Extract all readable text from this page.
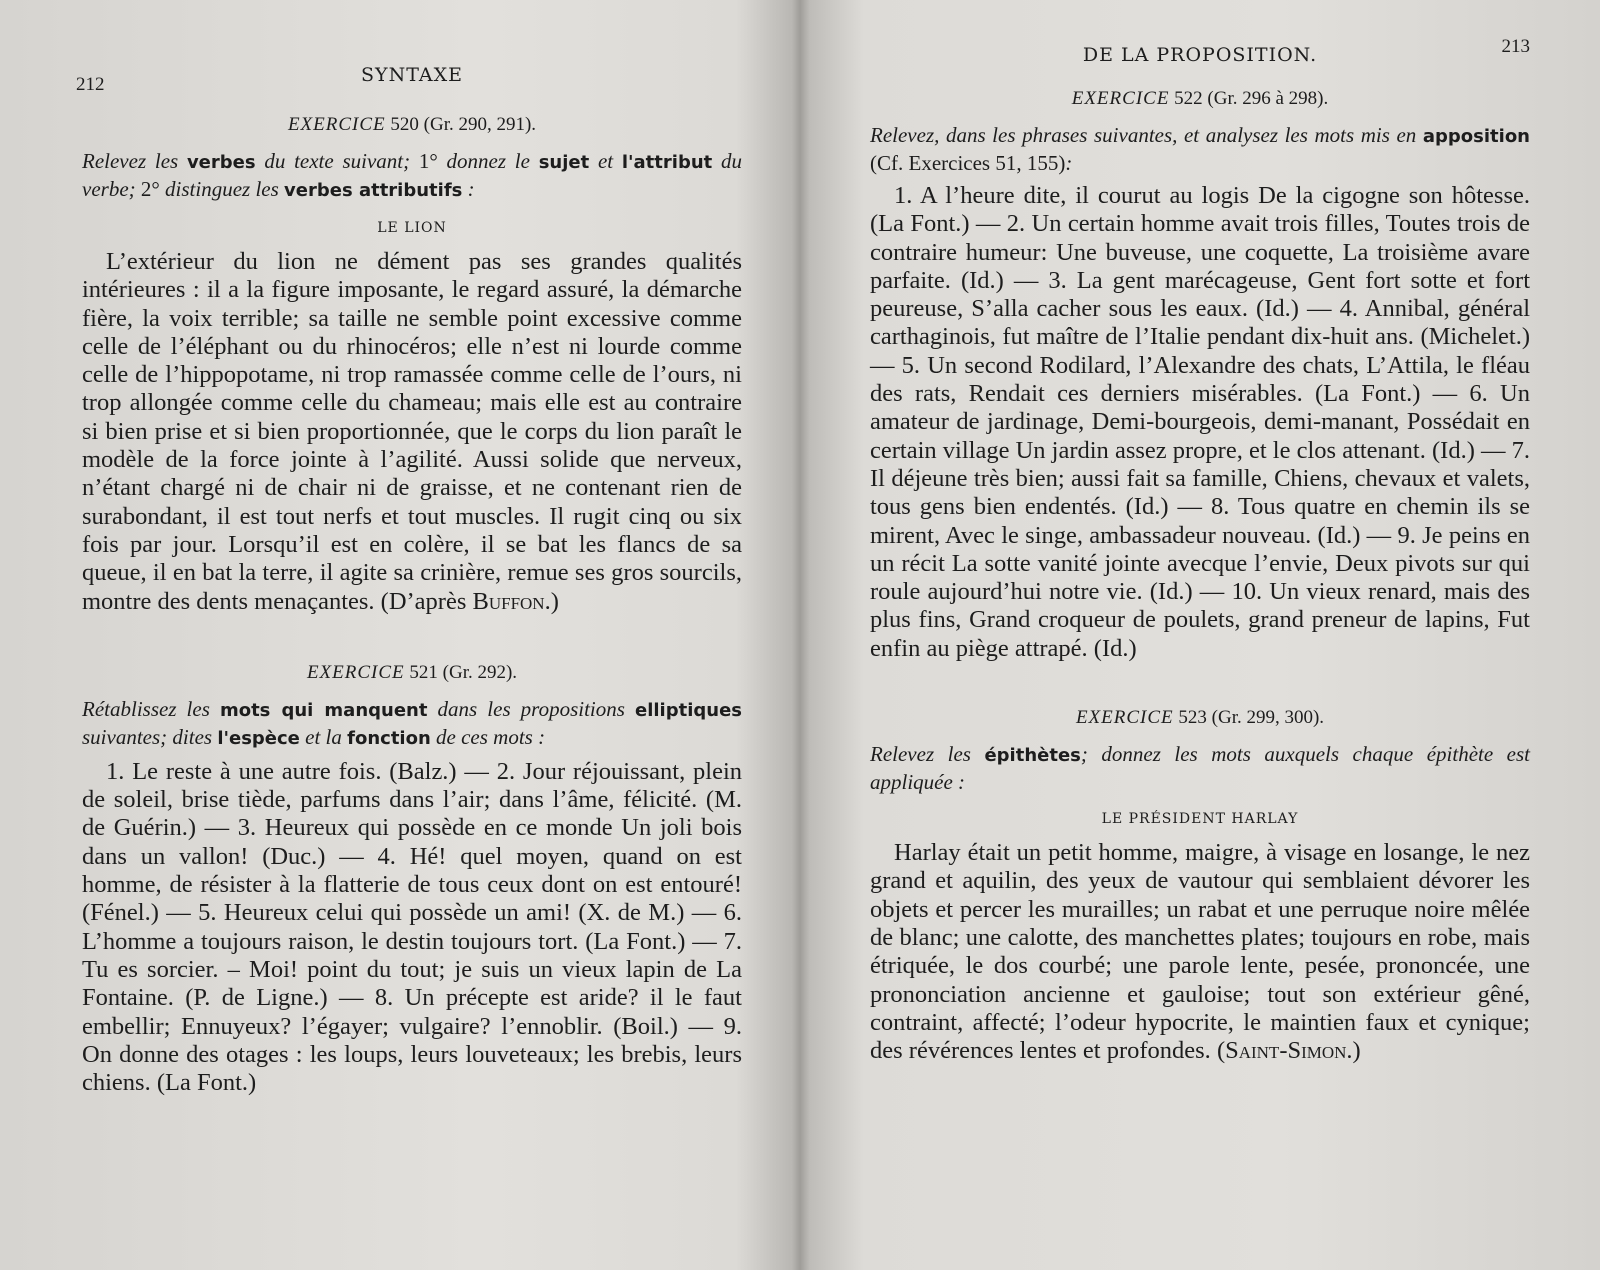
212	SYNTAXE
EXERCICE 520 (Gr. 290, 291).

Relevez les verbes du texte suivant; 1° donnez le sujet et l'attribut du verbe; 2° distinguez les verbes attributifs :

LE LION

L’extérieur du lion ne dément pas ses grandes qualités intérieures : il a la figure imposante, le regard assuré, la démarche fière, la voix terrible; sa taille ne semble point excessive comme celle de l’éléphant ou du rhinocéros; elle n’est ni lourde comme celle de l’hippopotame, ni trop ramassée comme celle de l’ours, ni trop allongée comme celle du chameau; mais elle est au contraire si bien prise et si bien proportionnée, que le corps du lion paraît le modèle de la force jointe à l’agilité. Aussi solide que nerveux, n’étant chargé ni de chair ni de graisse, et ne contenant rien de surabondant, il est tout nerfs et tout muscles. Il rugit cinq ou six fois par jour. Lorsqu’il est en colère, il se bat les flancs de sa queue, il en bat la terre, il agite sa crinière, remue ses gros sourcils, montre des dents menaçantes. (D’après Buffon.)

EXERCICE 521 (Gr. 292).

Rétablissez les mots qui manquent dans les propositions elliptiques suivantes; dites l'espèce et la fonction de ces mots :

1. Le reste à une autre fois. (Balz.) — 2. Jour réjouissant, plein de soleil, brise tiède, parfums dans l’air; dans l’âme, félicité. (M. de Guérin.) — 3. Heureux qui possède en ce monde Un joli bois dans un vallon! (Duc.) — 4. Hé! quel moyen, quand on est homme, de résister à la flatterie de tous ceux dont on est entouré! (Fénel.) — 5. Heureux celui qui possède un ami! (X. de M.) — 6. L’homme a toujours raison, le destin toujours tort. (La Font.) — 7. Tu es sorcier. – Moi! point du tout; je suis un vieux lapin de La Fontaine. (P. de Ligne.) — 8. Un précepte est aride? il le faut embellir; Ennuyeux? l’égayer; vulgaire? l’ennoblir. (Boil.) — 9. On donne des otages : les loups, leurs louveteaux; les brebis, leurs chiens. (La Font.)

213
DE LA PROPOSITION.
EXERCICE 522 (Gr. 296 à 298).

Relevez, dans les phrases suivantes, et analysez les mots mis en apposition (Cf. Exercices 51, 155):

1. A l’heure dite, il courut au logis De la cigogne son hôtesse. (La Font.) — 2. Un certain homme avait trois filles, Toutes trois de contraire humeur: Une buveuse, une coquette, La troisième avare parfaite. (Id.) — 3. La gent marécageuse, Gent fort sotte et fort peureuse, S’alla cacher sous les eaux. (Id.) — 4. Annibal, général carthaginois, fut maître de l’Italie pendant dix-huit ans. (Michelet.) — 5. Un second Rodilard, l’Alexandre des chats, L’Attila, le fléau des rats, Rendait ces derniers misérables. (La Font.) — 6. Un amateur de jardinage, Demi-bourgeois, demi-manant, Possédait en certain village Un jardin assez propre, et le clos attenant. (Id.) — 7. Il déjeune très bien; aussi fait sa famille, Chiens, chevaux et valets, tous gens bien endentés. (Id.) — 8. Tous quatre en chemin ils se mirent, Avec le singe, ambassadeur nouveau. (Id.) — 9. Je peins en un récit La sotte vanité jointe avecque l’envie, Deux pivots sur qui roule aujourd’hui notre vie. (Id.) — 10. Un vieux renard, mais des plus fins, Grand croqueur de poulets, grand preneur de lapins, Fut enfin au piège attrapé. (Id.)

EXERCICE 523 (Gr. 299, 300).

Relevez les épithètes; donnez les mots auxquels chaque épithète est appliquée :

LE PRÉSIDENT HARLAY

Harlay était un petit homme, maigre, à visage en losange, le nez grand et aquilin, des yeux de vautour qui semblaient dévorer les objets et percer les murailles; un rabat et une perruque noire mêlée de blanc; une calotte, des manchettes plates; toujours en robe, mais étriquée, le dos courbé; une parole lente, pesée, prononcée, une prononciation ancienne et gauloise; tout son extérieur gêné, contraint, affecté; l’odeur hypocrite, le maintien faux et cynique; des révérences lentes et profondes. (Saint-Simon.)
